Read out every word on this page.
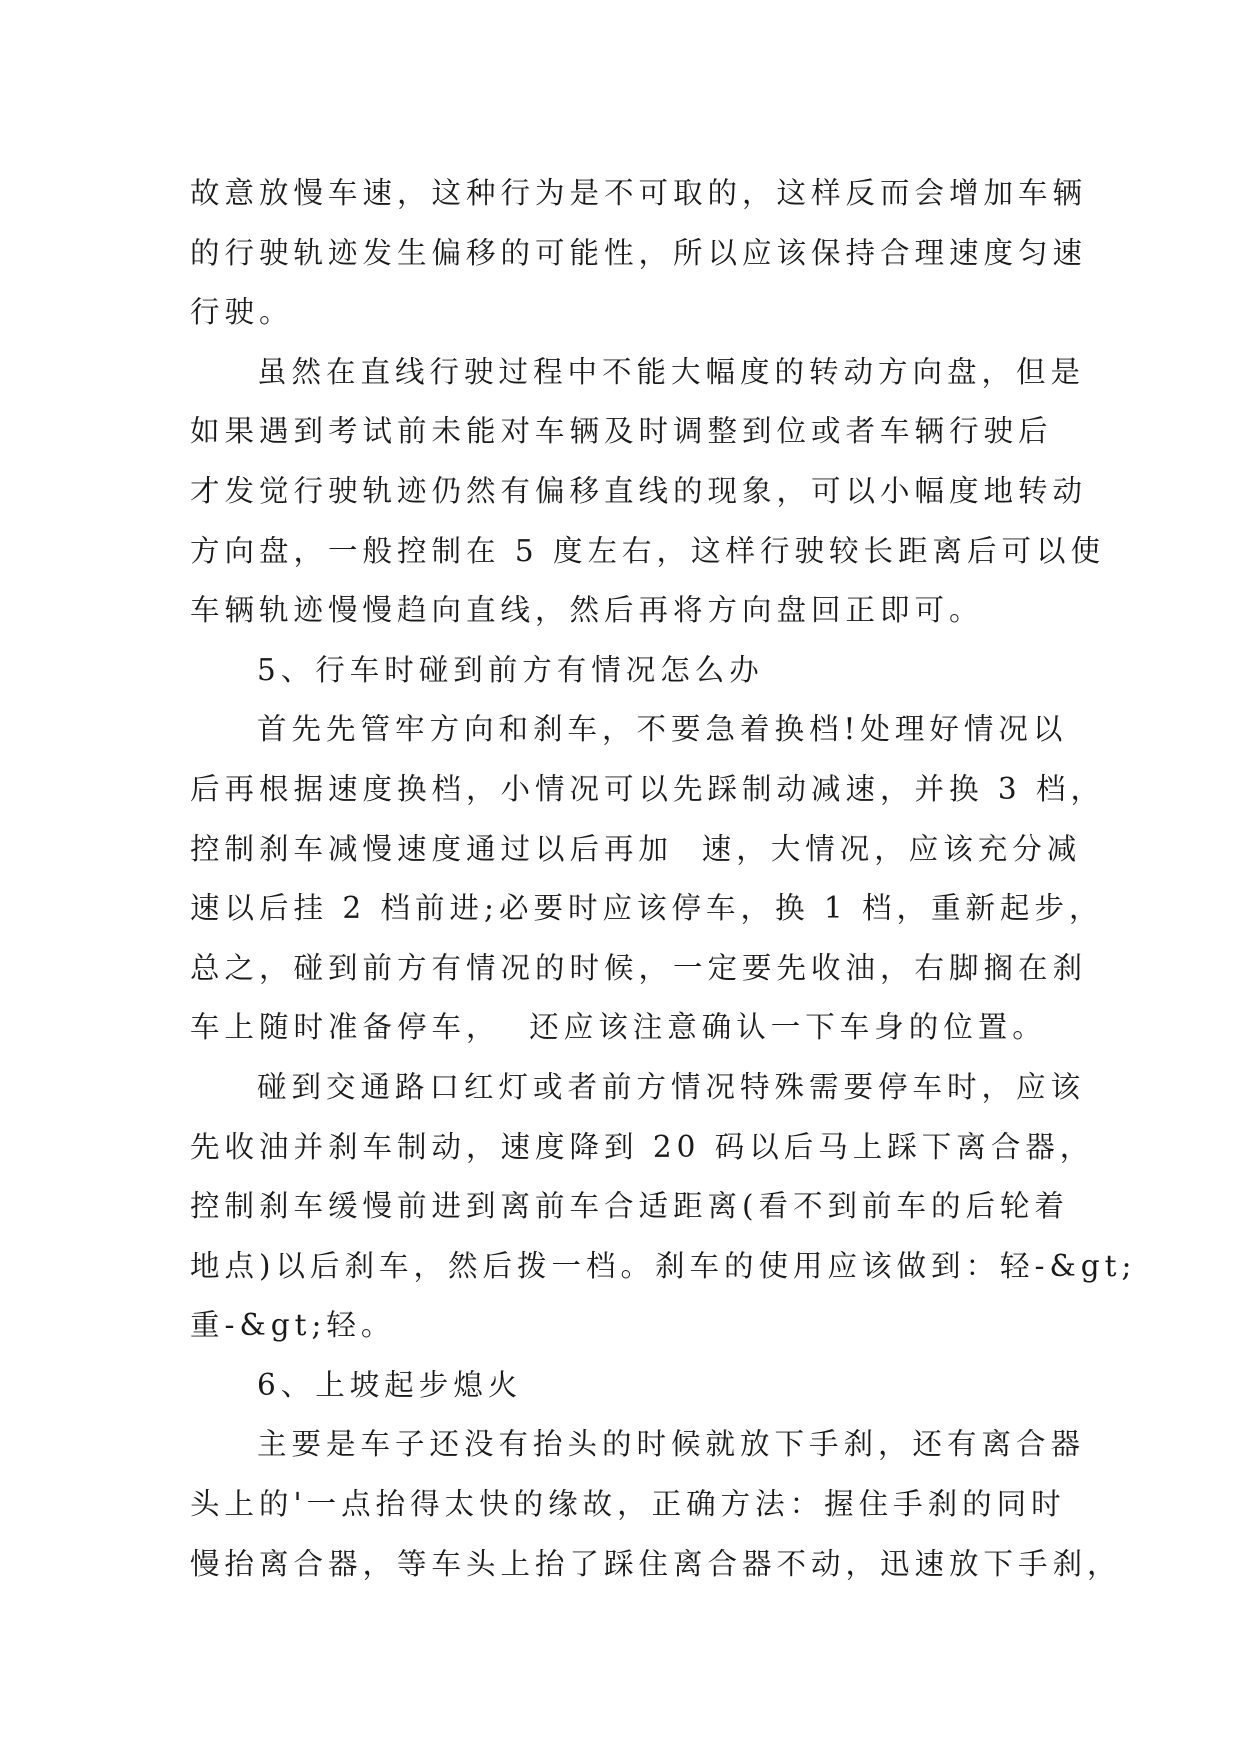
故意放慢车速，这种行为是不可取的，这样反而会增加车辆
的行驶轨迹发生偏移的可能性，所以应该保持合理速度匀速
行驶。
虽然在直线行驶过程中不能大幅度的转动方向盘，但是
如果遇到考试前未能对车辆及时调整到位或者车辆行驶后
才发觉行驶轨迹仍然有偏移直线的现象，可以小幅度地转动
方向盘，一般控制在 5 度左右，这样行驶较长距离后可以使
车辆轨迹慢慢趋向直线，然后再将方向盘回正即可。
5、行车时碰到前方有情况怎么办
首先先管牢方向和刹车，不要急着换档!处理好情况以
后再根据速度换档，小情况可以先踩制动减速，并换 3 档，
控制刹车减慢速度通过以后再加  速，大情况，应该充分减
速以后挂 2 档前进;必要时应该停车，换 1 档，重新起步，
总之，碰到前方有情况的时候，一定要先收油，右脚搁在刹
车上随时准备停车，  还应该注意确认一下车身的位置。
碰到交通路口红灯或者前方情况特殊需要停车时，应该
先收油并刹车制动，速度降到 20 码以后马上踩下离合器，
控制刹车缓慢前进到离前车合适距离(看不到前车的后轮着
地点)以后刹车，然后拨一档。刹车的使用应该做到：轻-&gt;
重-&gt;轻。
6、上坡起步熄火
主要是车子还没有抬头的时候就放下手刹，还有离合器
头上的'一点抬得太快的缘故，正确方法：握住手刹的同时
慢抬离合器，等车头上抬了踩住离合器不动，迅速放下手刹，
